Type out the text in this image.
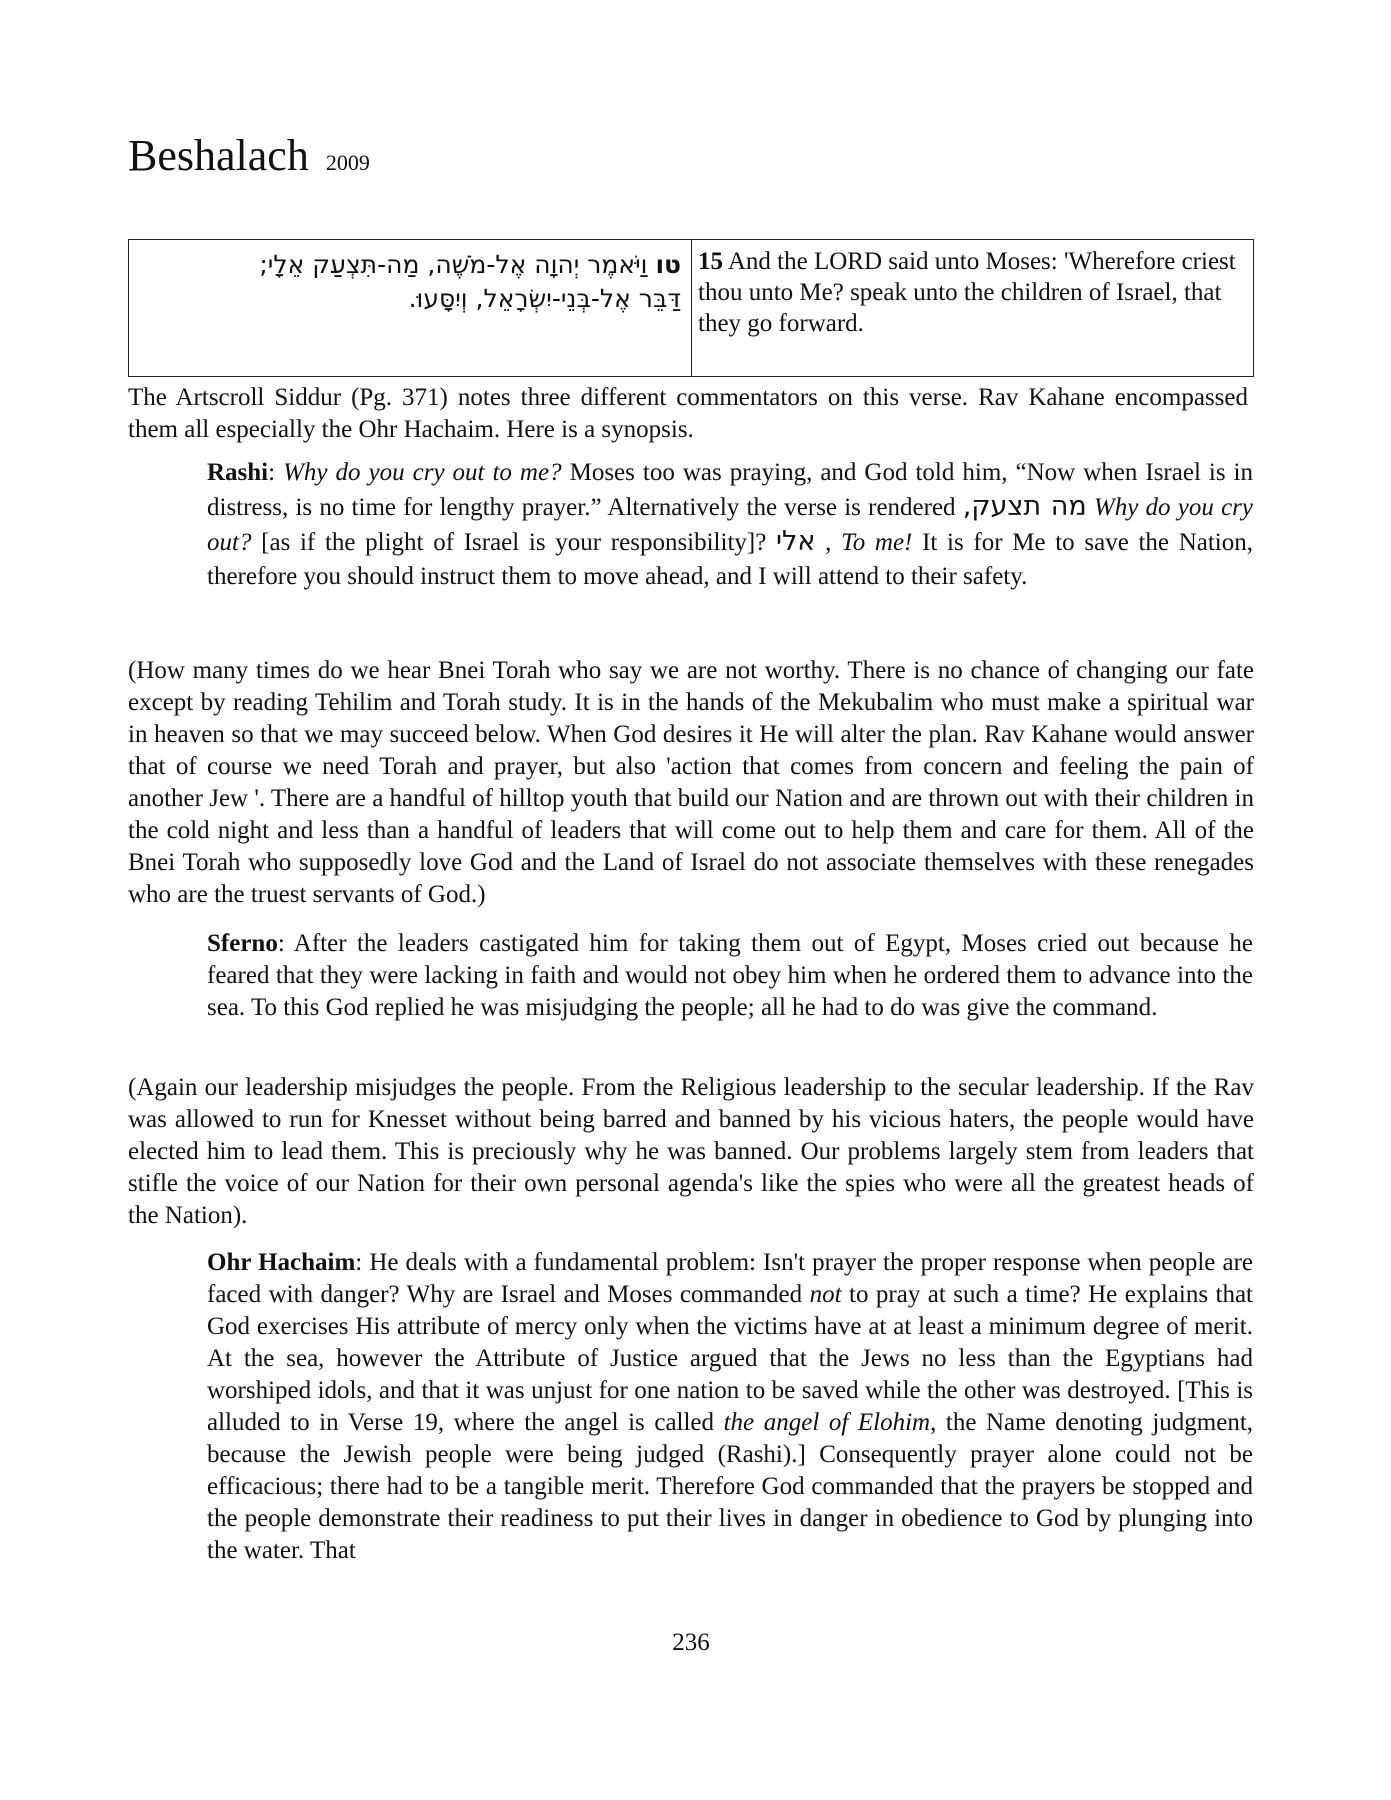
Beshalach 2009
טו וַיֹּאמֶר יְהוָה אֶל-מֹשֶׁה, מַה-תִּצְעַק אֵלָי;
דַּבֵּר אֶל-בְּנֵי-יִשְׂרָאֵל, וְיִסָּעוּ.
15 And the LORD said unto Moses: 'Wherefore criest thou unto Me? speak unto the children of Israel, that they go forward.

The Artscroll Siddur (Pg. 371) notes three different commentators on this verse. Rav Kahane encompassed them all especially the Ohr Hachaim. Here is a synopsis.

Rashi: Why do you cry out to me? Moses too was praying, and God told him, “Now when Israel is in distress, is no time for lengthy prayer.” Alternatively the verse is rendered מה תצעק, Why do you cry out? [as if the plight of Israel is your responsibility]? אלי , To me! It is for Me to save the Nation, therefore you should instruct them to move ahead, and I will attend to their safety.

(How many times do we hear Bnei Torah who say we are not worthy. There is no chance of changing our fate except by reading Tehilim and Torah study. It is in the hands of the Mekubalim who must make a spiritual war in heaven so that we may succeed below. When God desires it He will alter the plan. Rav Kahane would answer that of course we need Torah and prayer, but also 'action that comes from concern and feeling the pain of another Jew '. There are a handful of hilltop youth that build our Nation and are thrown out with their children in the cold night and less than a handful of leaders that will come out to help them and care for them. All of the Bnei Torah who supposedly love God and the Land of Israel do not associate themselves with these renegades who are the truest servants of God.)

Sferno: After the leaders castigated him for taking them out of Egypt, Moses cried out because he feared that they were lacking in faith and would not obey him when he ordered them to advance into the sea. To this God replied he was misjudging the people; all he had to do was give the command.

(Again our leadership misjudges the people. From the Religious leadership to the secular leadership. If the Rav was allowed to run for Knesset without being barred and banned by his vicious haters, the people would have elected him to lead them. This is preciously why he was banned. Our problems largely stem from leaders that stifle the voice of our Nation for their own personal agenda's like the spies who were all the greatest heads of the Nation).

Ohr Hachaim: He deals with a fundamental problem: Isn't prayer the proper response when people are faced with danger? Why are Israel and Moses commanded not to pray at such a time? He explains that God exercises His attribute of mercy only when the victims have at at least a minimum degree of merit. At the sea, however the Attribute of Justice argued that the Jews no less than the Egyptians had worshiped idols, and that it was unjust for one nation to be saved while the other was destroyed. [This is alluded to in Verse 19, where the angel is called the angel of Elohim, the Name denoting judgment, because the Jewish people were being judged (Rashi).] Consequently prayer alone could not be efficacious; there had to be a tangible merit. Therefore God commanded that the prayers be stopped and the people demonstrate their readiness to put their lives in danger in obedience to God by plunging into the water. That

236
